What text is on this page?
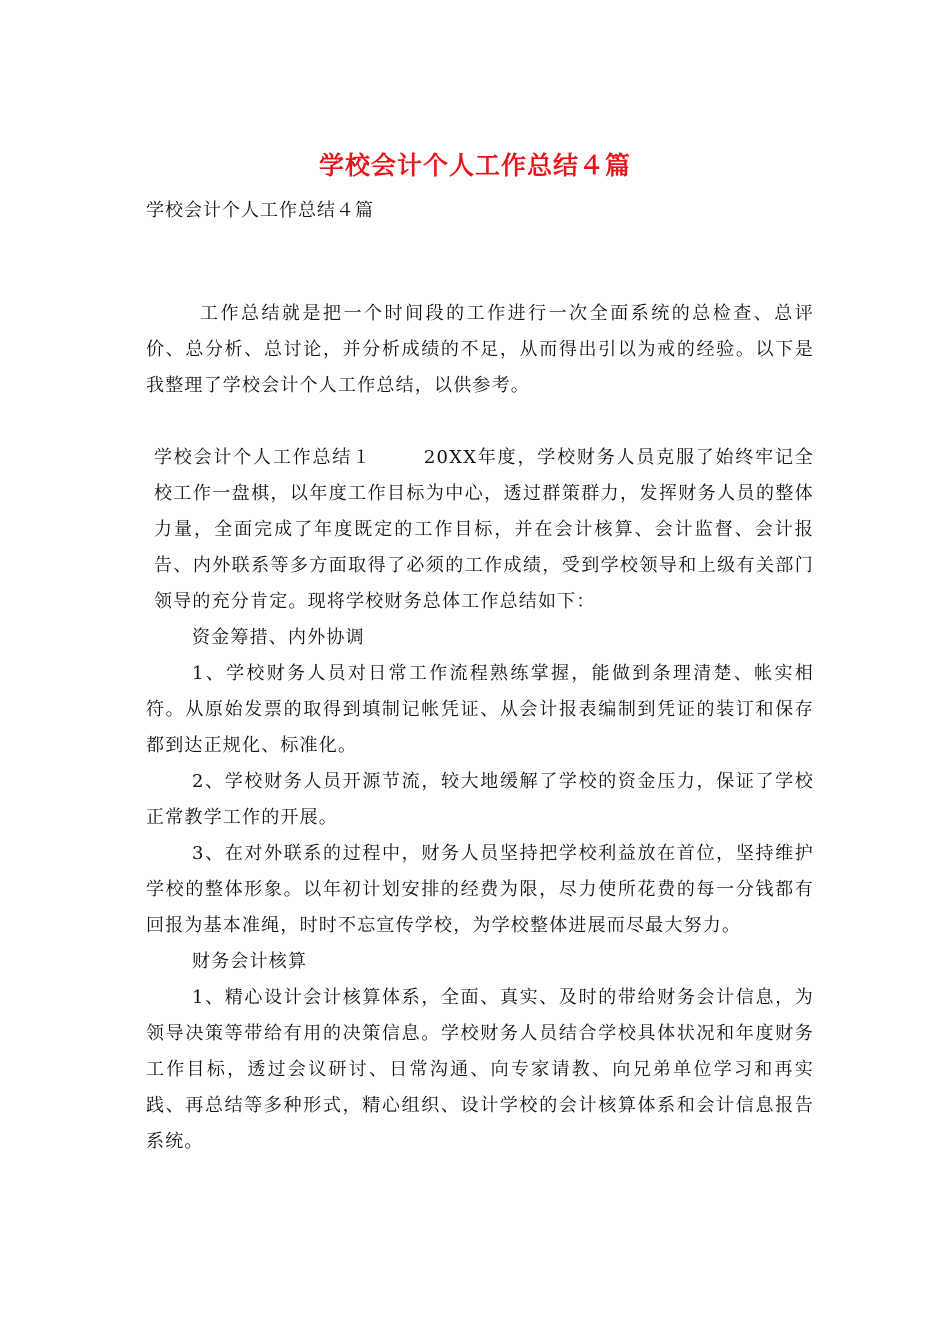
学校会计个人工作总结４篇
学校会计个人工作总结４篇

工作总结就是把一个时间段的工作进行一次全面系统的总检查、总评价、总分析、总讨论，并分析成绩的不足，从而得出引以为戒的经验。以下是我整理了学校会计个人工作总结，以供参考。

学校会计个人工作总结１	20XX年度，学校财务人员克服了始终牢记全校工作一盘棋，以年度工作目标为中心，透过群策群力，发挥财务人员的整体力量，全面完成了年度既定的工作目标，并在会计核算、会计监督、会计报告、内外联系等多方面取得了必须的工作成绩，受到学校领导和上级有关部门领导的充分肯定。现将学校财务总体工作总结如下：

资金筹措、内外协调

1、学校财务人员对日常工作流程熟练掌握，能做到条理清楚、帐实相符。从原始发票的取得到填制记帐凭证、从会计报表编制到凭证的装订和保存都到达正规化、标准化。

2、学校财务人员开源节流，较大地缓解了学校的资金压力，保证了学校正常教学工作的开展。

3、在对外联系的过程中，财务人员坚持把学校利益放在首位，坚持维护学校的整体形象。以年初计划安排的经费为限，尽力使所花费的每一分钱都有回报为基本准绳，时时不忘宣传学校，为学校整体进展而尽最大努力。

财务会计核算

1、精心设计会计核算体系，全面、真实、及时的带给财务会计信息，为领导决策等带给有用的决策信息。学校财务人员结合学校具体状况和年度财务工作目标，透过会议研讨、日常沟通、向专家请教、向兄弟单位学习和再实践、再总结等多种形式，精心组织、设计学校的会计核算体系和会计信息报告系统。
